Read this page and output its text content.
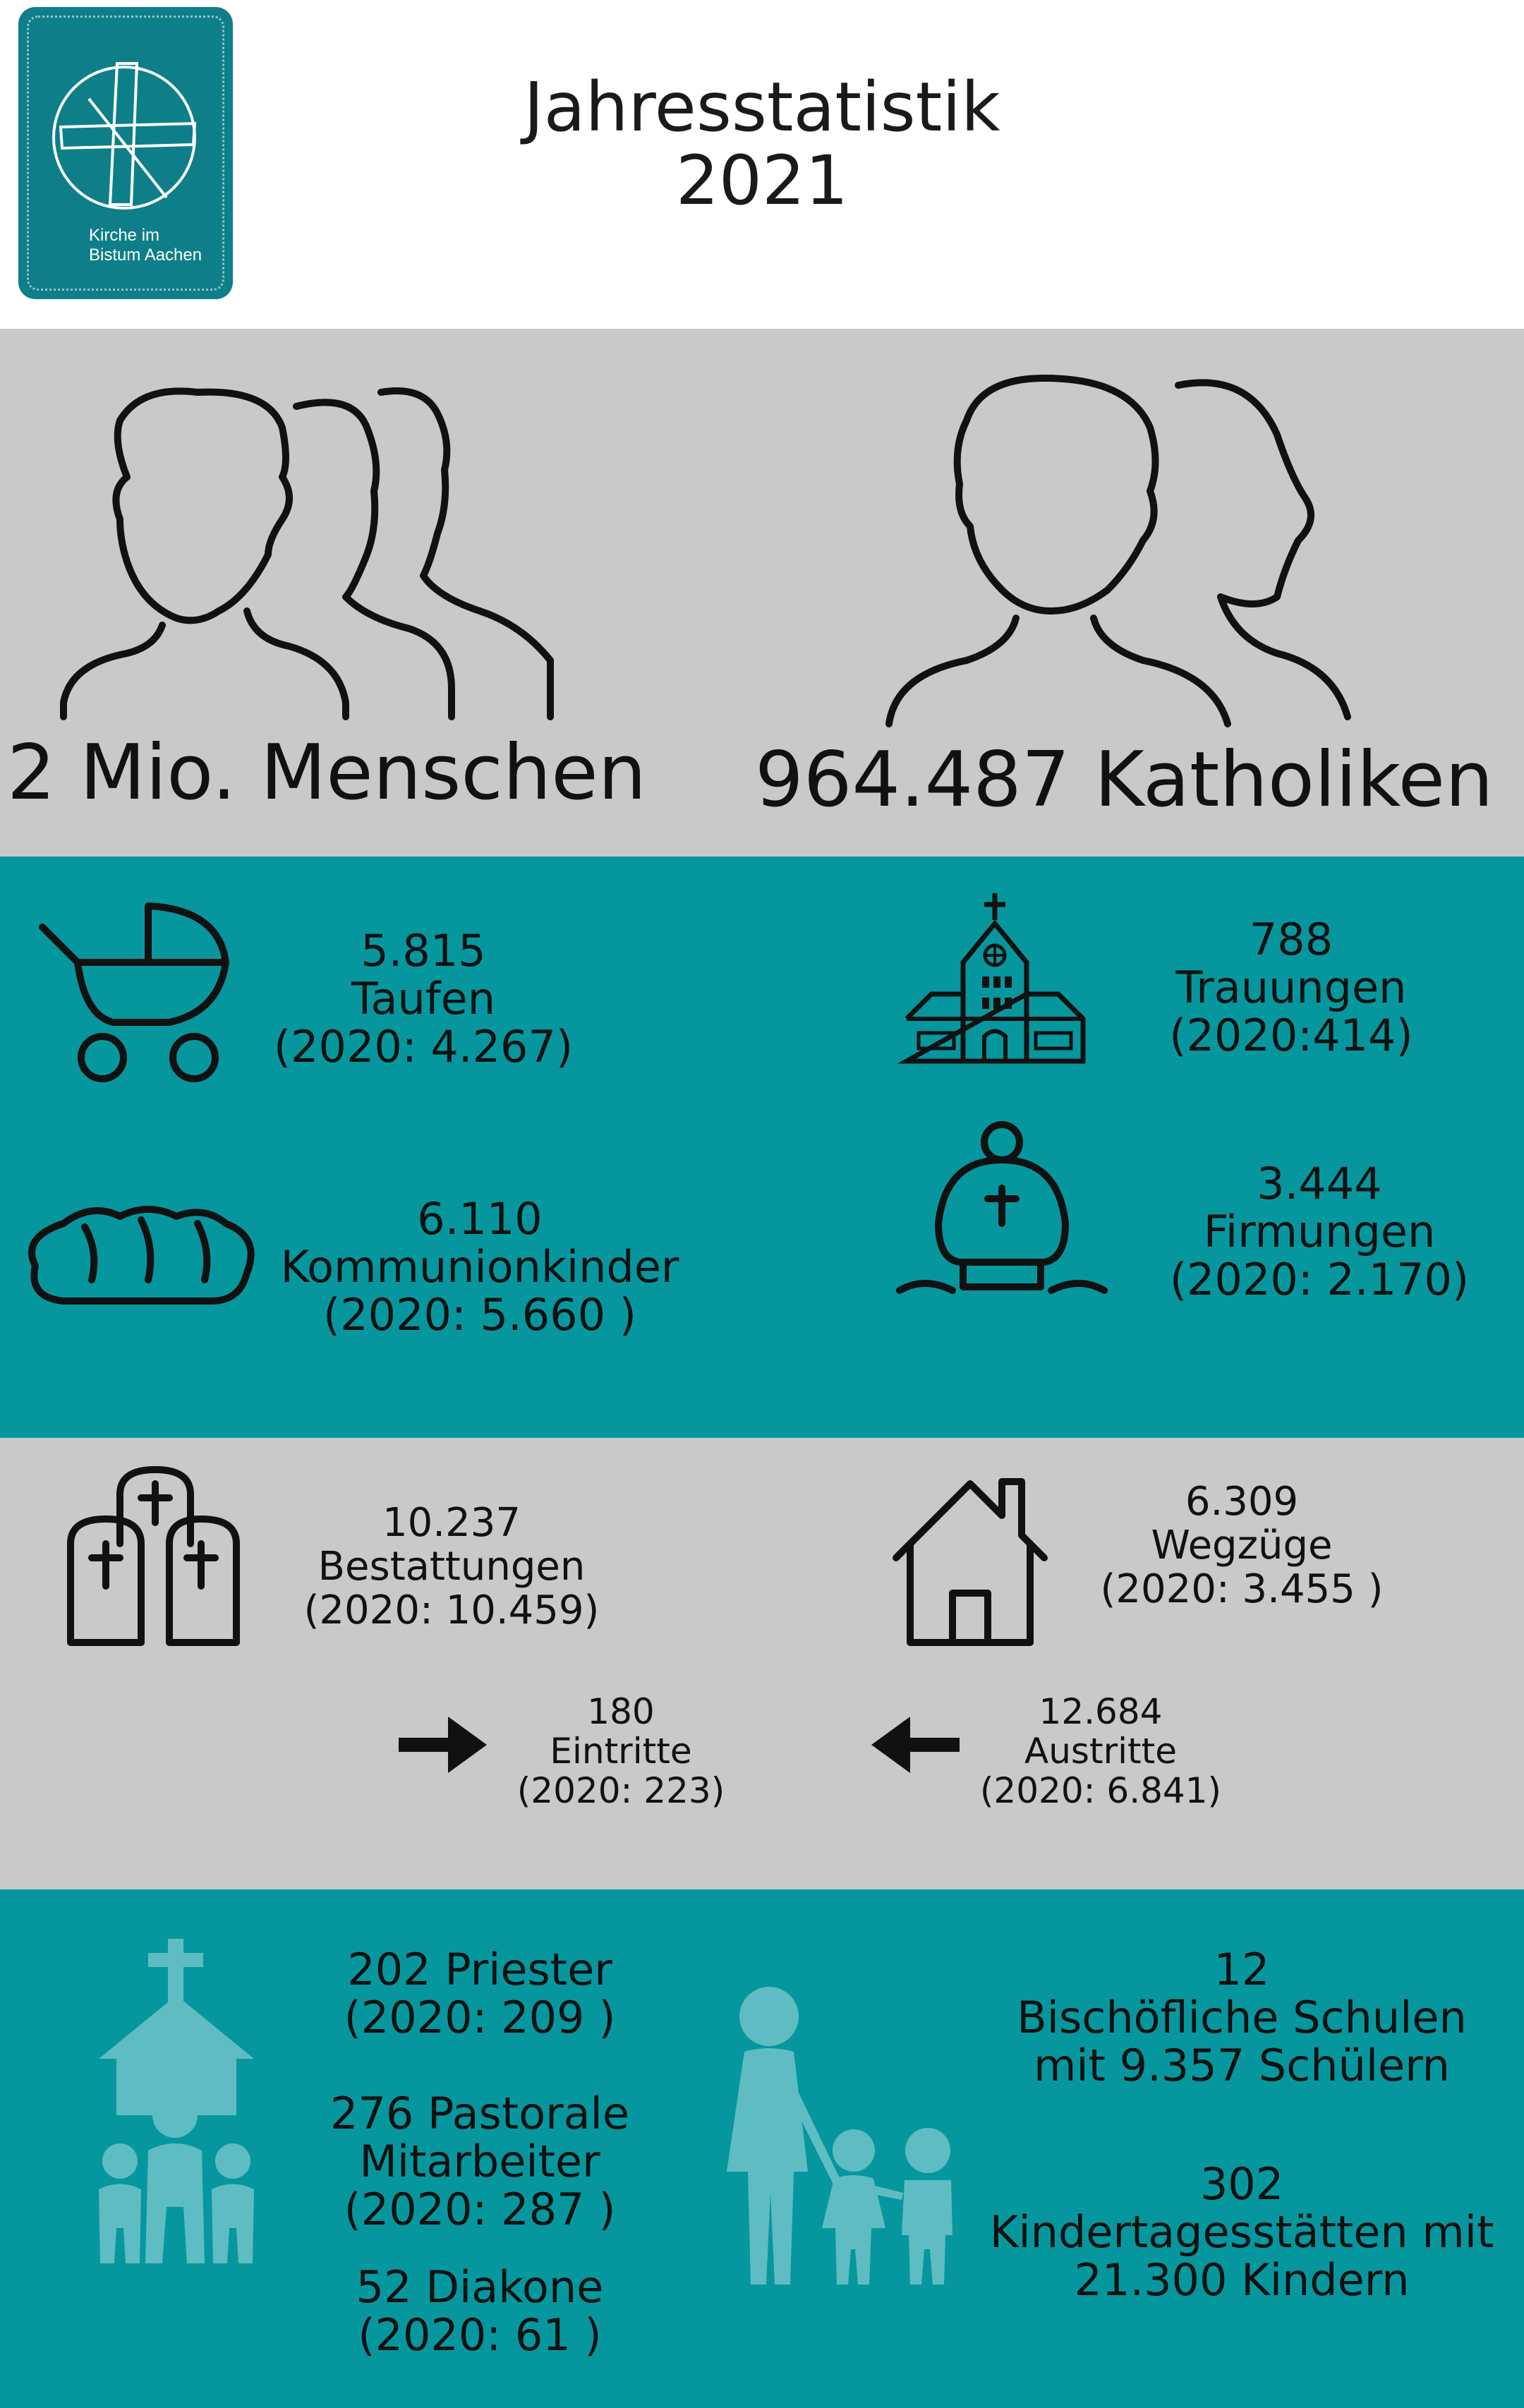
Kirche im
Bistum Aachen
Jahresstatistik
2021
2 Mio. Menschen	964.487 Katholiken
5.815
Taufen
(2020: 4.267)
788
Trauungen
(2020:414)
6.110
Kommunionkinder
(2020: 5.660 )
3.444
Firmungen
(2020: 2.170)
10.237
Bestattungen
(2020: 10.459)
6.309
Wegzüge
(2020: 3.455 )
180
Eintritte
(2020: 223)
12.684
Austritte
(2020: 6.841)
202 Priester
(2020: 209 )
276 Pastorale
Mitarbeiter
(2020: 287 )
52 Diakone
(2020: 61 )
12
Bischöfliche Schulen
mit 9.357 Schülern
302
Kindertagesstätten mit
21.300 Kindern
